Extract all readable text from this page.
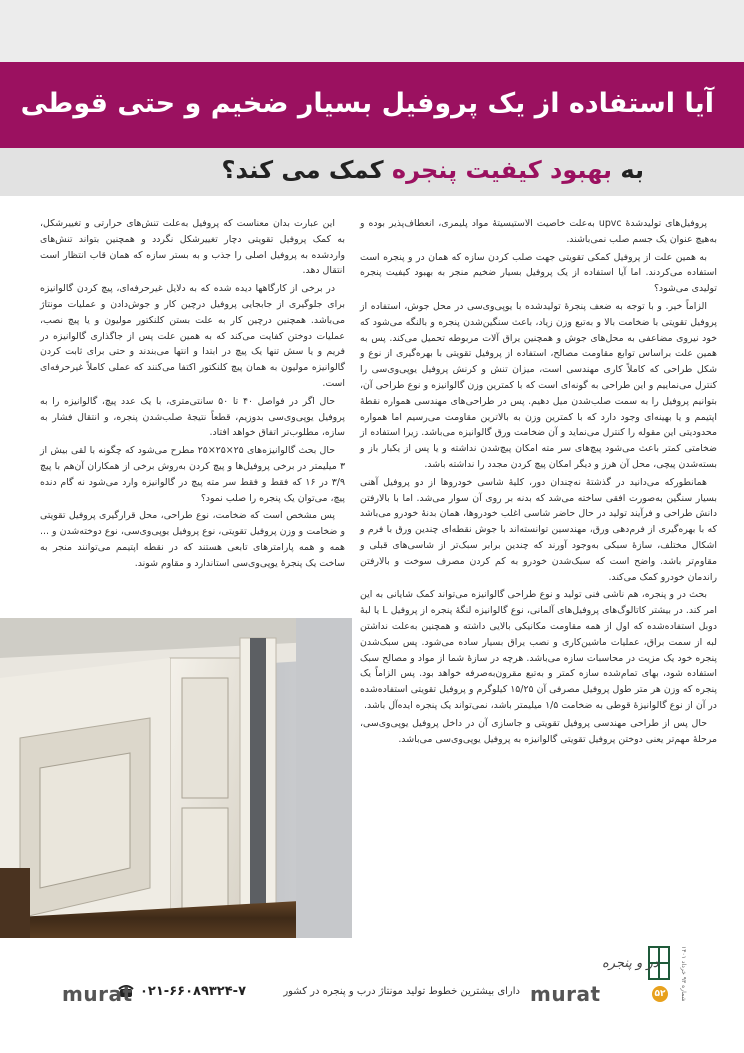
آیا استفاده از یک پروفیل بسیار ضخیم و حتی قوطی
به بهبود کیفیت پنجره کمک می کند؟

پروفیل‌های تولیدشدهٔ upvc به‌علت خاصیت الاستیسیتهٔ مواد پلیمری، انعطاف‌پذیر بوده و به‌هیچ عنوان یک جسم صلب نمی‌باشند.

به همین علت از پروفیل کمکی تقویتی جهت صلب کردن سازه که همان در و پنجره است استفاده می‌کردند. اما آیا استفاده از یک پروفیل بسیار ضخیم منجر به بهبود کیفیت پنجره تولیدی می‌شود؟

الزاماً خیر. و با توجه به ضعف پنجرهٔ تولیدشده با یو‌پی‌وی‌سی در محل جوش، استفاده از پروفیل تقویتی با ضخامت بالا و به‌تبع وزن زیاد، باعث سنگین‌شدن پنجره و بالنگه می‌شود که خود نیروی مضاعفی به محل‌های جوش و همچنین یراق آلات مربوطه تحمیل می‌کند. پس به همین علت براساس توابع مقاومت مصالح، استفاده از پروفیل تقویتی با بهره‌گیری از نوع و شکل طراحی که کاملاً کاری مهندسی است، میزان تنش و کرنش پروفیل یو‌پی‌وی‌سی را کنترل می‌نماییم و این طراحی به گونه‌ای است که با کمترین وزن گالوانیزه و نوع طراحی آن، بتوانیم پروفیل را به سمت صلب‌شدن میل دهیم. پس در طراحی‌های مهندسی همواره نقطهٔ اپتیمم و یا بهینه‌ای وجود دارد که با کمترین وزن به بالاترین مقاومت می‌رسیم اما همواره محدودیتی این مقوله را کنترل می‌نماید و آن ضخامت ورق گالوانیزه می‌باشد. زیرا استفاده از ضخامتی کمتر باعث می‌شود پیچ‌های سر مته امکان پیچ‌شدن نداشته و یا پس از یکبار باز و بسته‌شدن پیچی، محل آن هرز و دیگر امکان پیچ کردن مجدد را نداشته باشد.

همانطورکه می‌دانید در گذشتهٔ نه‌چندان دور، کلیهٔ شاسی خودروها از دو پروفیل آهنی بسیار سنگین به‌صورت افقی ساخته می‌شد که بدنه بر روی آن سوار می‌شد. اما با بالارفتن دانش طراحی و فرآیند تولید در حال حاضر شاسی اغلب خودروها، همان بدنهٔ خودرو می‌باشد که با بهره‌گیری از فرم‌دهی ورق، مهندسین توانسته‌اند با جوش نقطه‌ای چندین ورق با فرم و اشکال مختلف، سازهٔ سبکی به‌وجود آورند که چندین برابر سبک‌تر از شاسی‌های قبلی و مقاوم‌تر باشد. واضح است که سبک‌شدن خودرو به کم کردن مصرف سوخت و بالارفتن راندمان خودرو کمک می‌کند.

بحث در و پنجره، هم ناشی فنی تولید و نوع طراحی گالوانیزه می‌تواند کمک شایانی به این امر کند. در بیشتر کاتالوگ‌های پروفیل‌های آلمانی، نوع گالوانیزه لنگهٔ پنجره از پروفیل L یا لبهٔ دوبل استفاده‌شده که اول از همه مقاومت مکانیکی بالایی داشته و همچنین به‌علت نداشتن لبه از سمت براق، عملیات ماشین‌کاری و نصب یراق بسیار ساده می‌شود. پس سبک‌شدن پنجره خود یک مزیت در محاسبات سازه می‌باشد. هرچه در سازهٔ شما از مواد و مصالح سبک استفاده شود، بهای تمام‌شده سازه کمتر و به‌تبع مقرون‌به‌صرفه خواهد بود. پس الزاماً یک پنجره که وزن هر متر طول پروفیل مصرفی آن ۱۵/۲۵ کیلوگرم و پروفیل تقویتی استفاده‌شده در آن از نوع گالوانیزهٔ قوطی به ضخامت ۱/۵ میلیمتر باشد، نمی‌تواند یک پنجره ایده‌آل باشد.

حال پس از طراحی مهندسی پروفیل تقویتی و جاسازی آن در داخل پروفیل یو‌پی‌وی‌سی، مرحلهٔ مهم‌تر یعنی دوختن پروفیل تقویتی گالوانیزه به پروفیل یو‌پی‌وی‌سی می‌باشد.

این عبارت بدان معناست که پروفیل به‌علت تنش‌های حرارتی و تغییرشکل، به کمک پروفیل تقویتی دچار تغییرشکل نگردد و همچنین بتواند تنش‌های واردشده به پروفیل اصلی را جذب و به بستر سازه که همان قاب انتظار است انتقال دهد.

در برخی از کارگاهها دیده شده که به دلایل غیرحرفه‌ای، پیچ کردن گالوانیزه برای جلوگیری از جابجایی پروفیل درچین کار و جوش‌دادن و عملیات مونتاژ می‌باشد. همچنین درچین کار به علت بستن کلنکتور مولیون و یا پیچ نصب، عملیات دوختن کفایت می‌کند که به همین علت پس از جاگذاری گالوانیزه در فریم و یا سش تنها یک پیچ در ابتدا و انتها می‌بندند و حتی برای ثابت کردن گالوانیزه مولیون به همان پیچ کلنکتور اکتفا می‌کنند که عملی کاملاً غیرحرفه‌ای است.

حال اگر در فواصل ۴۰ تا ۵۰ سانتی‌متری، با یک عدد پیچ، گالوانیزه را به پروفیل یو‌پی‌وی‌سی بدوزیم، قطعاً نتیجهٔ صلب‌شدن پنجره، و انتقال فشار به سازه، مطلوب‌تر اتفاق خواهد افتاد.

حال بحث گالوانیزه‌های ۲۵×۲۵×۲۵ مطرح می‌شود که چگونه با لقی بیش از ۳ میلیمتر در برخی پروفیل‌ها و پیچ کردن به‌روش برخی از همکاران آن‌هم با پیچ ۳/۹ در ۱۶ که فقط و فقط سر مته پیچ در گالوانیزه وارد می‌شود نه گام دنده پیچ، می‌توان یک پنجره را صلب نمود؟

پس مشخص است که ضخامت، نوع طراحی، محل قرارگیری پروفیل تقویتی و ضخامت و وزن پروفیل تقویتی، نوع پروفیل یو‌پی‌وی‌سی، نوع دوخته‌شدن و ... همه و همه پارامترهای تابعی هستند که در نقطه اپتیمم می‌توانند منجر به ساخت یک پنجرهٔ یو‌پی‌وی‌سی استاندارد و مقاوم شوند.

شماره ۹۳ خرداد ۱۴۰۱
در و پنجره
۵۲
murat
دارای بیشترین خطوط تولید مونتاژ درب و پنجره در کشور
۰۲۱-۶۶۰۸۹۳۲۴-۷
murat
